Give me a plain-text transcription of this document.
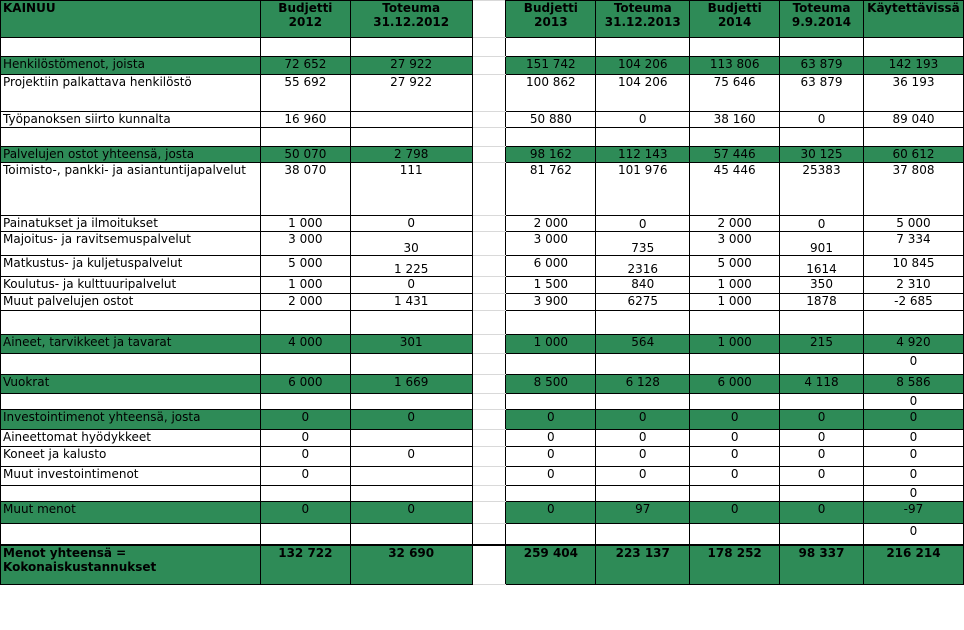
KAINUU	Budjetti 2012	Toteuma 31.12.2012		Budjetti 2013	Toteuma 31.12.2013	Budjetti 2014	Toteuma 9.9.2014	Käytettävissä

Henkilöstömenot, joista	72 652	27 922		151 742	104 206	113 806	63 879	142 193
Projektiin palkattava henkilöstö	55 692	27 922		100 862	104 206	75 646	63 879	36 193
Työpanoksen siirto kunnalta	16 960			50 880	0	38 160	0	89 040

Palvelujen ostot yhteensä, josta	50 070	2 798		98 162	112 143	57 446	30 125	60 612
Toimisto-, pankki- ja asiantuntijapalvelut	38 070	111		81 762	101 976	45 446	25383	37 808
Painatukset ja ilmoitukset	1 000	0		2 000	0	2 000	0	5 000
Majoitus- ja ravitsemuspalvelut	3 000	30		3 000	735	3 000	901	7 334
Matkustus- ja kuljetuspalvelut	5 000	1 225		6 000	2316	5 000	1614	10 845
Koulutus- ja kulttuuripalvelut	1 000	0		1 500	840	1 000	350	2 310
Muut palvelujen ostot	2 000	1 431		3 900	6275	1 000	1878	-2 685

Aineet, tarvikkeet ja tavarat	4 000	301		1 000	564	1 000	215	4 920
								0
Vuokrat	6 000	1 669		8 500	6 128	6 000	4 118	8 586
								0
Investointimenot yhteensä, josta	0	0		0	0	0	0	0
Aineettomat hyödykkeet	0			0	0	0	0	0
Koneet ja kalusto	0	0		0	0	0	0	0
Muut investointimenot	0			0	0	0	0	0
								0
Muut menot	0	0		0	97	0	0	-97
								0
Menot yhteensä = Kokonaiskustannukset	132 722	32 690		259 404	223 137	178 252	98 337	216 214
